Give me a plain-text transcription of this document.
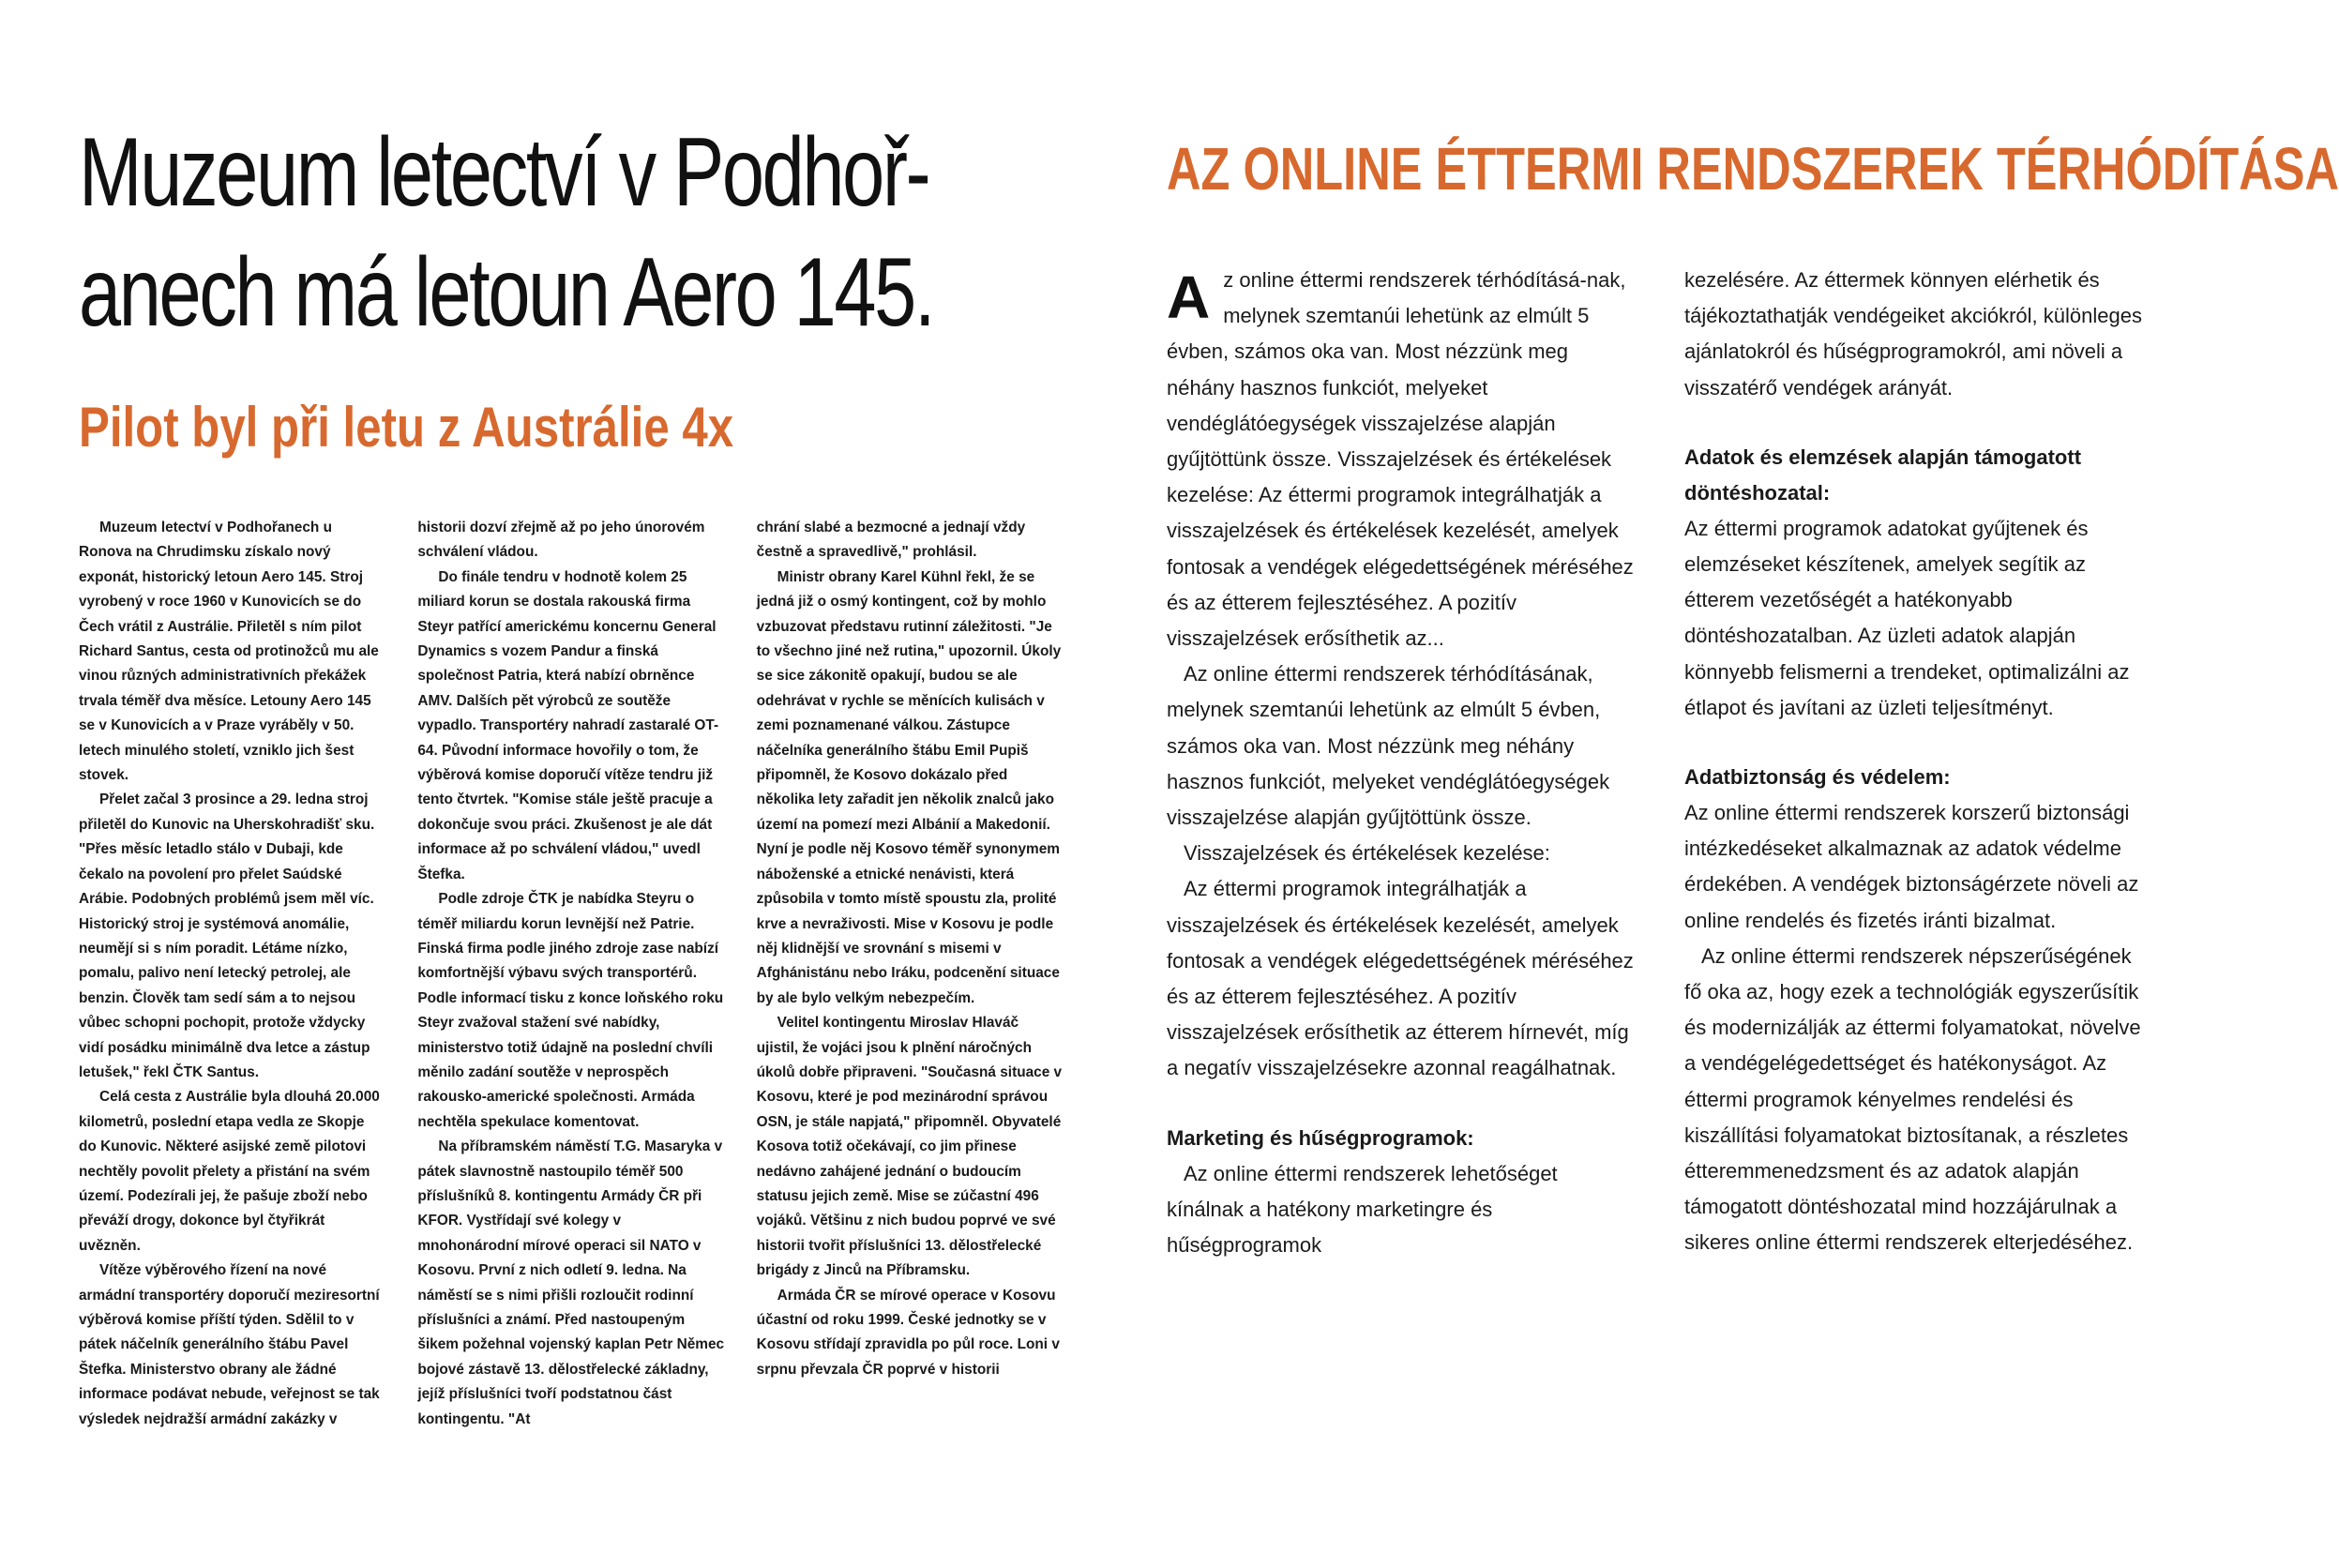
Muzeum letectví v Podhoř-
anech má letoun Aero 145.
Pilot byl při letu z Austrálie 4x

Muzeum letectví v Podhořanech u Ronova na Chrudimsku získalo nový exponát, historický letoun Aero 145. Stroj vyrobený v roce 1960 v Kunovicích se do Čech vrátil z Austrálie. Přiletěl s ním pilot Richard Santus, cesta od protinožců mu ale vinou různých administrativních překážek trvala téměř dva měsíce. Letouny Aero 145 se v Kunovicích a v Praze vyráběly v 50. letech minulého století, vzniklo jich šest stovek.

Přelet začal 3 prosince a 29. ledna stroj přiletěl do Kunovic na Uherskohradišť sku. "Přes měsíc letadlo stálo v Dubaji, kde čekalo na povolení pro přelet Saúdské Arábie. Podobných problémů jsem měl víc. Historický stroj je systémová anomálie, neumějí si s ním poradit. Létáme nízko, pomalu, palivo není letecký petrolej, ale benzin. Člověk tam sedí sám a to nejsou vůbec schopni pochopit, protože vždycky vidí posádku minimálně dva letce a zástup letušek," řekl ČTK Santus.

Celá cesta z Austrálie byla dlouhá 20.000 kilometrů, poslední etapa vedla ze Skopje do Kunovic. Některé asijské země pilotovi nechtěly povolit přelety a přistání na svém území. Podezírali jej, že pašuje zboží nebo převáží drogy, dokonce byl čtyřikrát uvězněn.

Vítěze výběrového řízení na nové armádní transportéry doporučí meziresortní výběrová komise příští týden. Sdělil to v pátek náčelník generálního štábu Pavel Štefka. Ministerstvo obrany ale žádné informace podávat nebude, veřejnost se tak výsledek nejdražší armádní zakázky v

historii dozví zřejmě až po jeho únorovém schválení vládou.

Do finále tendru v hodnotě kolem 25 miliard korun se dostala rakouská firma Steyr patřící americkému koncernu General Dynamics s vozem Pandur a finská společnost Patria, která nabízí obrněnce AMV. Dalších pět výrobců ze soutěže vypadlo. Transportéry nahradí zastaralé OT-64. Původní informace hovořily o tom, že výběrová komise doporučí vítěze tendru již tento čtvrtek. "Komise stále ještě pracuje a dokončuje svou práci. Zkušenost je ale dát informace až po schválení vládou," uvedl Štefka.

Podle zdroje ČTK je nabídka Steyru o téměř miliardu korun levnější než Patrie. Finská firma podle jiného zdroje zase nabízí komfortnější výbavu svých transportérů. Podle informací tisku z konce loňského roku Steyr zvažoval stažení své nabídky, ministerstvo totiž údajně na poslední chvíli měnilo zadání soutěže v neprospěch rakousko-americké společnosti. Armáda nechtěla spekulace komentovat.

Na příbramském náměstí T.G. Masaryka v pátek slavnostně nastoupilo téměř 500 příslušníků 8. kontingentu Armády ČR při KFOR. Vystřídají své kolegy v mnohonárodní mírové operaci sil NATO v Kosovu. První z nich odletí 9. ledna. Na náměstí se s nimi přišli rozloučit rodinní příslušníci a známí. Před nastoupeným šikem požehnal vojenský kaplan Petr Němec bojové zástavě 13. dělostřelecké základny, jejíž příslušníci tvoří podstatnou část kontingentu. "At

chrání slabé a bezmocné a jednají vždy čestně a spravedlivě," prohlásil.

Ministr obrany Karel Kühnl řekl, že se jedná již o osmý kontingent, což by mohlo vzbuzovat představu rutinní záležitosti. "Je to všechno jiné než rutina," upozornil. Úkoly se sice zákonitě opakují, budou se ale odehrávat v rychle se měnících kulisách v zemi poznamenané válkou. Zástupce náčelníka generálního štábu Emil Pupiš připomněl, že Kosovo dokázalo před několika lety zařadit jen několik znalců jako území na pomezí mezi Albánií a Makedonií. Nyní je podle něj Kosovo téměř synonymem náboženské a etnické nenávisti, která způsobila v tomto místě spoustu zla, prolité krve a nevraživosti. Mise v Kosovu je podle něj klidnější ve srovnání s misemi v Afghánistánu nebo Iráku, podcenění situace by ale bylo velkým nebezpečím.

Velitel kontingentu Miroslav Hlaváč ujistil, že vojáci jsou k plnění náročných úkolů dobře připraveni. "Současná situace v Kosovu, které je pod mezinárodní správou OSN, je stále napjatá," připomněl. Obyvatelé Kosova totiž očekávají, co jim přinese nedávno zahájené jednání o budoucím statusu jejich země. Mise se zúčastní 496 vojáků. Většinu z nich budou poprvé ve své historii tvořit příslušníci 13. dělostřelecké brigády z Jinců na Příbramsku.

Armáda ČR se mírové operace v Kosovu účastní od roku 1999. České jednotky se v Kosovu střídají zpravidla po půl roce. Loni v srpnu převzala ČR poprvé v historii

AZ ONLINE ÉTTERMI RENDSZEREK TÉRHÓDÍTÁSA

Az online éttermi rendszerek térhódításá-nak, melynek szemtanúi lehetünk az elmúlt 5 évben, számos oka van. Most nézzünk meg néhány hasznos funkciót, melyeket vendéglátóegységek visszajelzése alapján gyűjtöttünk össze. Visszajelzések és értékelések kezelése: Az éttermi programok integrálhatják a visszajelzések és értékelések kezelését, amelyek fontosak a vendégek elégedettségének méréséhez és az étterem fejlesztéséhez. A pozitív visszajelzések erősíthetik az...

Az online éttermi rendszerek térhódításának, melynek szemtanúi lehetünk az elmúlt 5 évben, számos oka van. Most nézzünk meg néhány hasznos funkciót, melyeket vendéglátóegységek visszajelzése alapján gyűjtöttünk össze.

Visszajelzések és értékelések kezelése:

Az éttermi programok integrálhatják a visszajelzések és értékelések kezelését, amelyek fontosak a vendégek elégedettségének méréséhez és az étterem fejlesztéséhez. A pozitív visszajelzések erősíthetik az étterem hírnevét, míg a negatív visszajelzésekre azonnal reagálhatnak.

Marketing és hűségprogramok:

Az online éttermi rendszerek lehetőséget kínálnak a hatékony marketingre és hűségprogramok

kezelésére. Az éttermek könnyen elérhetik és tájékoztathatják vendégeiket akciókról, különleges ajánlatokról és hűségprogramokról, ami növeli a visszatérő vendégek arányát.

Adatok és elemzések alapján támogatott döntéshozatal:

Az éttermi programok adatokat gyűjtenek és elemzéseket készítenek, amelyek segítik az étterem vezetőségét a hatékonyabb döntéshozatalban. Az üzleti adatok alapján könnyebb felismerni a trendeket, optimalizálni az étlapot és javítani az üzleti teljesítményt.

Adatbiztonság és védelem:

Az online éttermi rendszerek korszerű biztonsági intézkedéseket alkalmaznak az adatok védelme érdekében. A vendégek biztonságérzete növeli az online rendelés és fizetés iránti bizalmat.

Az online éttermi rendszerek népszerűségének fő oka az, hogy ezek a technológiák egyszerűsítik és modernizálják az éttermi folyamatokat, növelve a vendégelégedettséget és hatékonyságot. Az éttermi programok kényelmes rendelési és kiszállítási folyamatokat biztosítanak, a részletes étteremmenedzsment és az adatok alapján támogatott döntéshozatal mind hozzájárulnak a sikeres online éttermi rendszerek elterjedéséhez.
